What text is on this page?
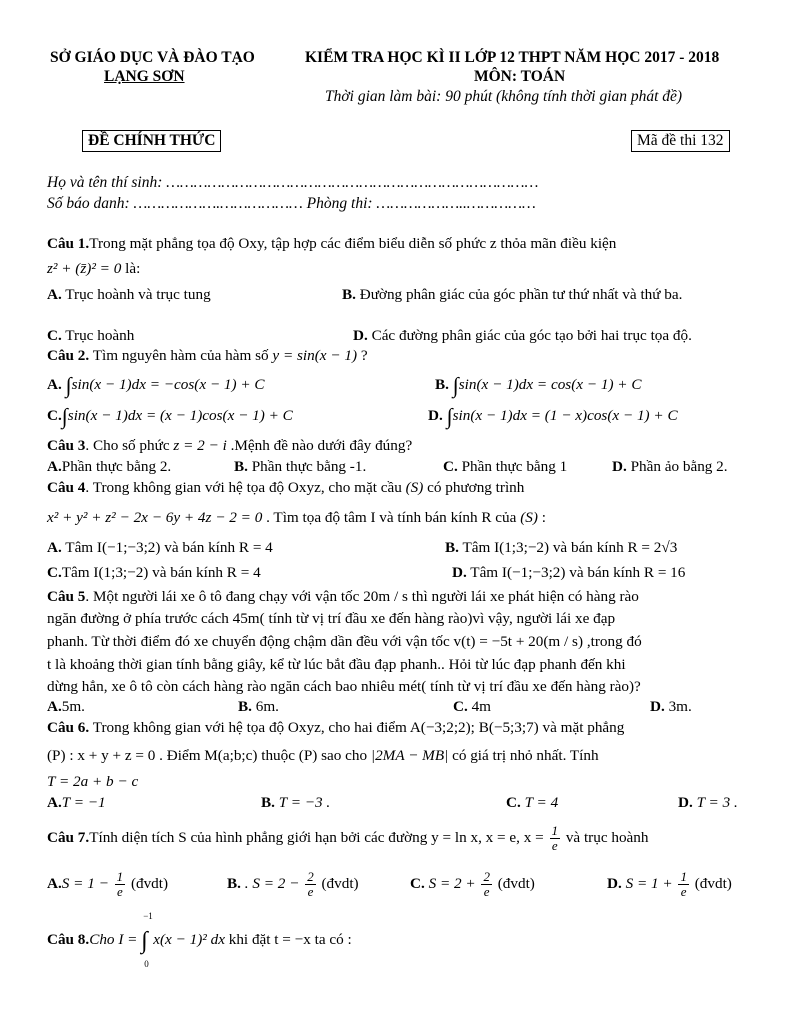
SỞ GIÁO DỤC VÀ ĐÀO TẠO
LẠNG SƠN
KIỂM TRA HỌC KÌ II LỚP 12 THPT NĂM HỌC 2017 - 2018
MÔN: TOÁN
Thời gian làm bài: 90 phút (không tính thời gian phát đề)
ĐỀ CHÍNH THỨC	Mã đề thi 132
Họ và tên thí sinh: ………………………………………………………………………
Số báo danh: ……………….……………… Phòng thi: ………………..……………
Câu 1.Trong mặt phẳng tọa độ Oxy, tập hợp các điểm biểu diễn số phức z thỏa mãn điều kiện
z² + (z̄)² = 0 là:
A. Trục hoành và trục tung	B. Đường phân giác của góc phần tư thứ nhất và thứ ba.
C. Trục hoành	D. Các đường phân giác của góc tạo bởi hai trục tọa độ.
Câu 2. Tìm nguyên hàm của hàm số y = sin(x − 1) ?
A. ∫sin(x − 1)dx = −cos(x − 1) + C	B. ∫sin(x − 1)dx = cos(x − 1) + C
C.∫sin(x − 1)dx = (x − 1)cos(x − 1) + C	D. ∫sin(x − 1)dx = (1 − x)cos(x − 1) + C
Câu 3. Cho số phức z = 2 − i .Mệnh đề nào dưới đây đúng?
A.Phần thực bằng 2.	B. Phần thực bằng -1.	C. Phần thực bằng 1	D. Phần ảo bằng 2.
Câu 4. Trong không gian với hệ tọa độ Oxyz, cho mặt cầu (S) có phương trình
x² + y² + z² − 2x − 6y + 4z − 2 = 0 . Tìm tọa độ tâm I và tính bán kính R của (S) :
A. Tâm I(−1;−3;2) và bán kính R = 4	B. Tâm I(1;3;−2) và bán kính R = 2√3
C.Tâm I(1;3;−2) và bán kính R = 4	D. Tâm I(−1;−3;2) và bán kính R = 16
Câu 5. Một người lái xe ô tô đang chạy với vận tốc 20m / s thì người lái xe phát hiện có hàng rào
ngăn đường ở phía trước cách 45m( tính từ vị trí đầu xe đến hàng rào)vì vậy, người lái xe đạp
phanh. Từ thời điểm đó xe chuyển động chậm dần đều với vận tốc v(t) = −5t + 20(m / s) ,trong đó
t là khoảng thời gian tính bằng giây, kể từ lúc bắt đầu đạp phanh.. Hỏi từ lúc đạp phanh đến khi
dừng hẳn, xe ô tô còn cách hàng rào ngăn cách bao nhiêu mét( tính từ vị trí đầu xe đến hàng rào)?
A.5m.	B. 6m.	C. 4m	D. 3m.
Câu 6. Trong không gian với hệ tọa độ Oxyz, cho hai điểm A(−3;2;2); B(−5;3;7) và mặt phẳng
(P) : x + y + z = 0 . Điểm M(a;b;c) thuộc (P) sao cho |2MA − MB| có giá trị nhỏ nhất. Tính
T = 2a + b − c
A.T = −1	B. T = −3 .	C. T = 4	D. T = 3 .
Câu 7.Tính diện tích S của hình phẳng giới hạn bởi các đường y = ln x, x = e, $x = \frac{1}{e}$ và trục hoành
$A.S = 1 - \frac{1}{e}$ (đvdt)	B. . $S = 2 - \frac{2}{e}$ (đvdt)	C. $S = 2 + \frac{2}{e}$ (đvdt)	D. $S = 1 + \frac{1}{e}$ (đvdt)
Câu 8.Cho I =
−1
∫
0
x(x − 1)² dx khi đặt t = −x ta có :
